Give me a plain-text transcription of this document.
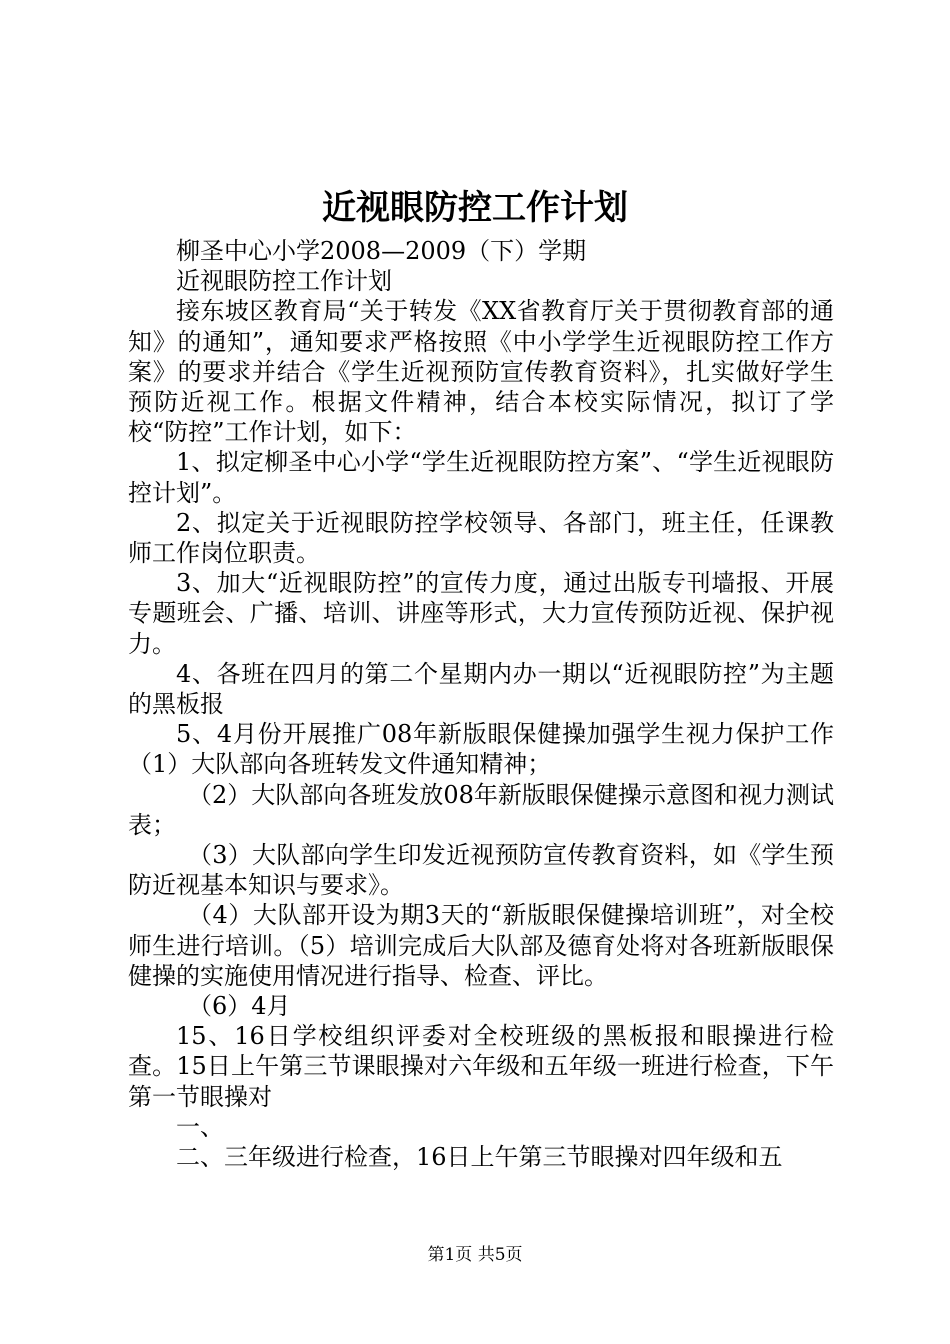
近视眼防控工作计划

柳圣中心小学2008—2009（下）学期

近视眼防控工作计划

接东坡区教育局“关于转发《XX省教育厅关于贯彻教育部的通知》的通知”，通知要求严格按照《中小学学生近视眼防控工作方案》的要求并结合《学生近视预防宣传教育资料》，扎实做好学生预防近视工作。根据文件精神，结合本校实际情况，拟订了学校“防控”工作计划，如下：

1、拟定柳圣中心小学“学生近视眼防控方案”、“学生近视眼防控计划”。

2、拟定关于近视眼防控学校领导、各部门，班主任，任课教师工作岗位职责。

3、加大“近视眼防控”的宣传力度，通过出版专刊墙报、开展专题班会、广播、培训、讲座等形式，大力宣传预防近视、保护视力。

4、各班在四月的第二个星期内办一期以“近视眼防控”为主题的黑板报

5、4月份开展推广08年新版眼保健操加强学生视力保护工作（1）大队部向各班转发文件通知精神；

（2）大队部向各班发放08年新版眼保健操示意图和视力测试表；

（3）大队部向学生印发近视预防宣传教育资料，如《学生预防近视基本知识与要求》。

（4）大队部开设为期3天的“新版眼保健操培训班”，对全校师生进行培训。（5）培训完成后大队部及德育处将对各班新版眼保健操的实施使用情况进行指导、检查、评比。

（6）4月

15、16日学校组织评委对全校班级的黑板报和眼操进行检查。15日上午第三节课眼操对六年级和五年级一班进行检查，下午第一节眼操对

一、

二、三年级进行检查，16日上午第三节眼操对四年级和五

第1页 共5页
